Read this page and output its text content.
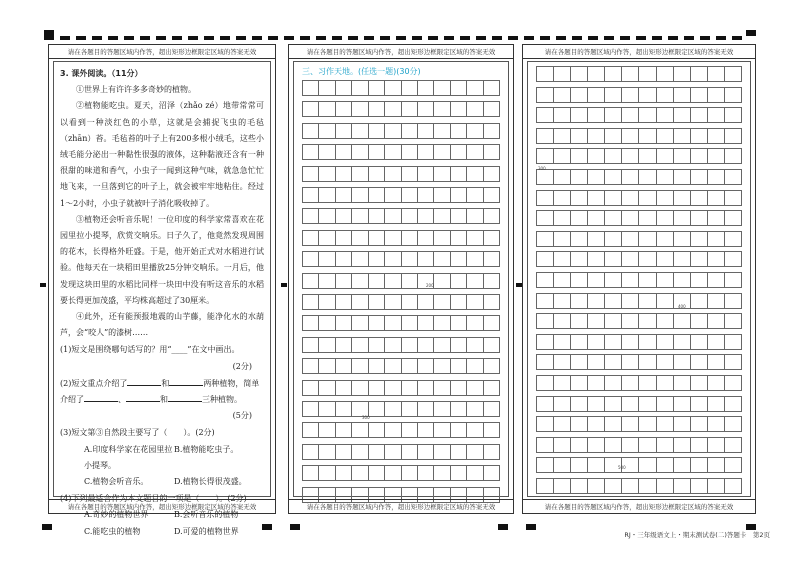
请在各题目的答题区域内作答，超出矩形边框限定区域的答案无效
3. 课外阅读。（11分）
①世界上有许许多多奇妙的植物。
②植物能吃虫。夏天，沼泽（zhǎo zé）地带常常可以看到一种淡红色的小草，这就是会捕捉飞虫的毛毡（zhān）苔。毛毡苔的叶子上有200多根小绒毛，这些小绒毛能分泌出一种黏性很强的液体，这种黏液还含有一种很甜的味道和香气，小虫子一闻到这种气味，就急急忙忙地飞来，一旦落到它的叶子上，就会被牢牢地粘住。经过1～2小时，小虫子就被叶子消化吸收掉了。
③植物还会听音乐呢！一位印度的科学家常喜欢在花园里拉小提琴，欣赏交响乐。日子久了，他竟然发现周围的花木，长得格外旺盛。于是，他开始正式对水稻进行试验。他每天在一块稻田里播放25分钟交响乐。一月后，他发现这块田里的水稻比同样一块田中没有听这音乐的水稻要长得更加茂盛，平均株高超过了30厘米。
④此外，还有能预报地震的山芋藤，能净化水的水葫芦，会“咬人”的漆树……
(1)短文是围绕哪句话写的？用“____”在文中画出。
(2分)
(2)短文重点介绍了	和	两种植物，简单
介绍了	、	和	三种植物。
(5分)
(3)短文第③自然段主要写了（　　）。(2分)
A.印度科学家在花园里拉小提琴。
B.植物能吃虫子。
C.植物会听音乐。	D.植物长得很茂盛。
(4)下列最适合作为本文题目的一项是（　　）。(2分)
A.奇妙的植物世界	B.会听音乐的植物
C.能吃虫的植物	D.可爱的植物世界
请在各题目的答题区域内作答，超出矩形边框限定区域的答案无效
请在各题目的答题区域内作答，超出矩形边框限定区域的答案无效
三、习作天地。(任选一题)(30分)
200
300
请在各题目的答题区域内作答，超出矩形边框限定区域的答案无效
请在各题目的答题区域内作答，超出矩形边框限定区域的答案无效
300
400
500
请在各题目的答题区域内作答，超出矩形边框限定区域的答案无效
RJ・三年级语文上・期末测试卷(二)答题卡　第2页
